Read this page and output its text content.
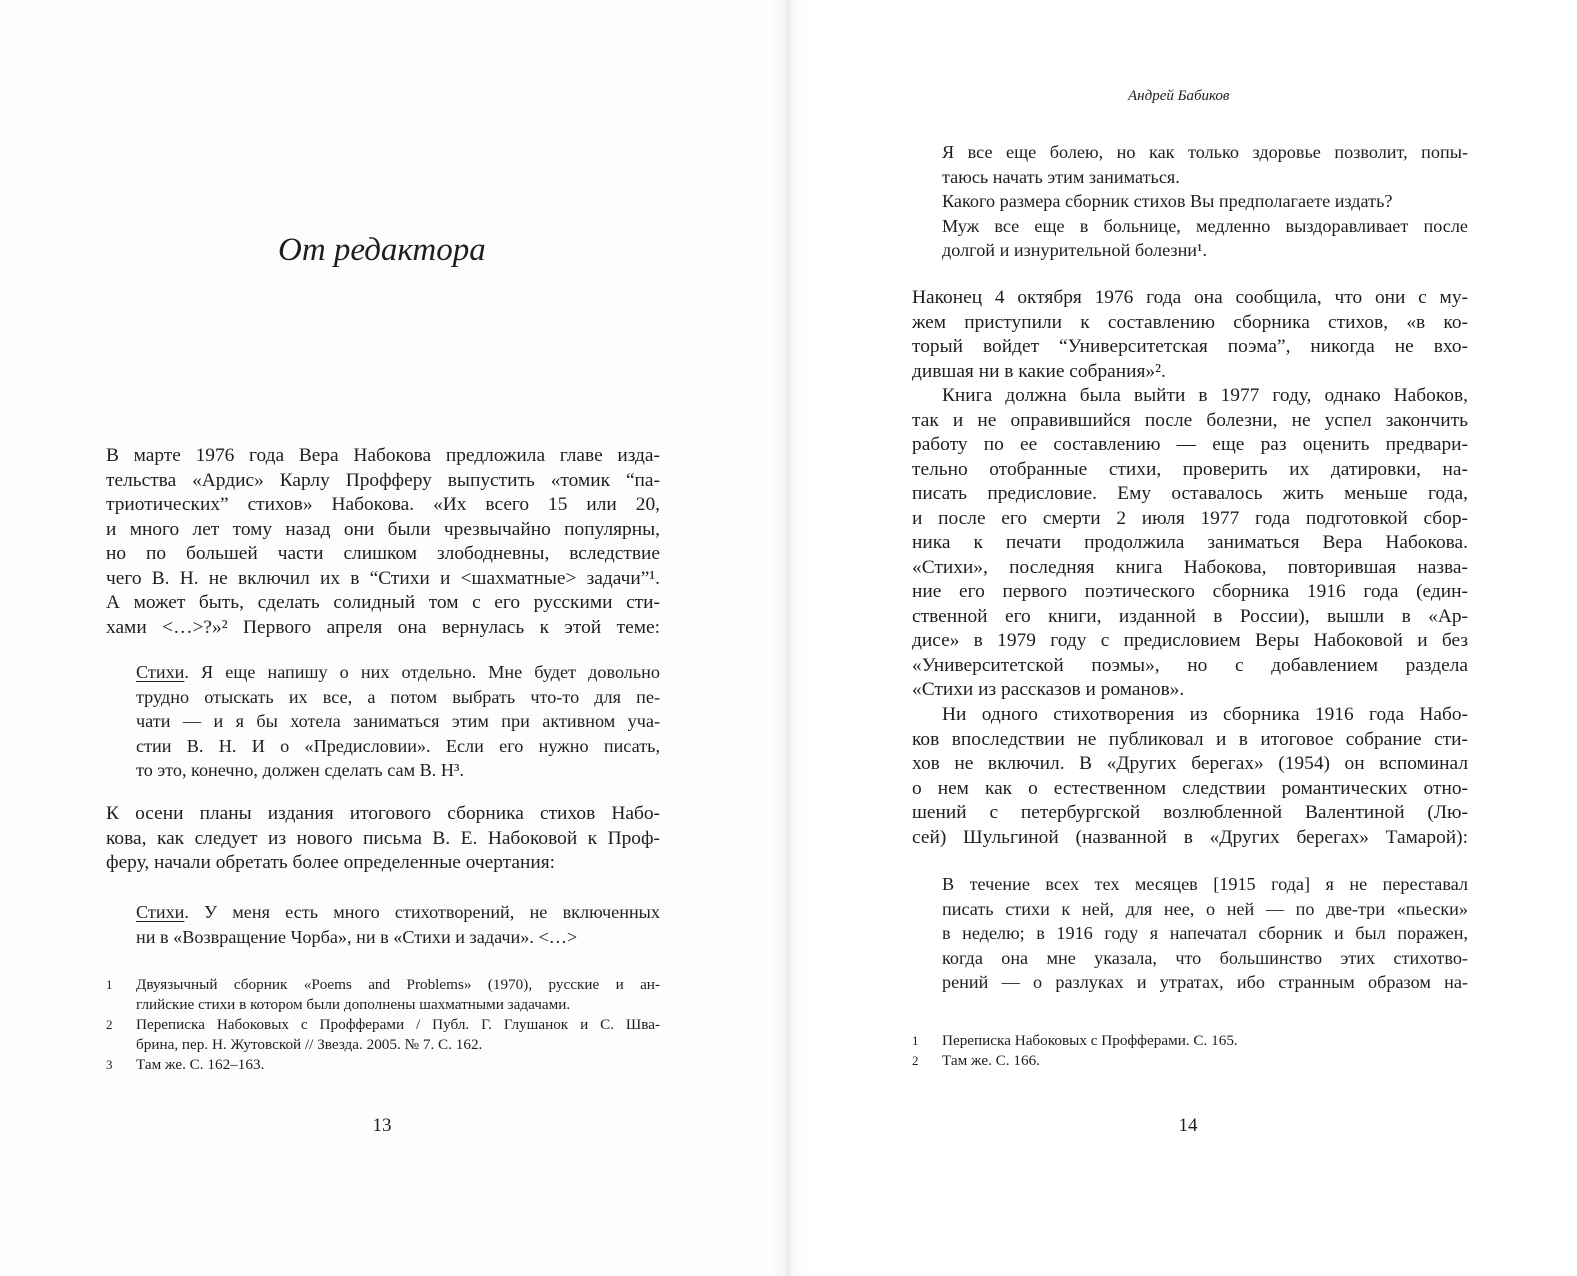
От редактора
В марте 1976 года Вера Набокова предложила главе изда-
тельства «Ардис» Карлу Профферу выпустить «томик “па-
триотических” стихов» Набокова. «Их всего 15 или 20,
и много лет тому назад они были чрезвычайно популярны,
но по большей части слишком злободневны, вследствие
чего В. Н. не включил их в “Стихи и <шахматные> задачи”¹.
А может быть, сделать солидный том с его русскими сти-
хами <…>?»² Первого апреля она вернулась к этой теме:
Стихи. Я еще напишу о них отдельно. Мне будет довольно
трудно отыскать их все, а потом выбрать что-то для пе-
чати — и я бы хотела заниматься этим при активном уча-
стии В. Н. И о «Предисловии». Если его нужно писать,
то это, конечно, должен сделать сам В. Н³.
К осени планы издания итогового сборника стихов Набо-
кова, как следует из нового письма В. Е. Набоковой к Проф-
феру, начали обретать более определенные очертания:
Стихи. У меня есть много стихотворений, не включенных
ни в «Возвращение Чорба», ни в «Стихи и задачи». <…>
1 Двуязычный сборник «Poems and Problems» (1970), русские и ан-
глийские стихи в котором были дополнены шахматными задачами.
2 Переписка Набоковых с Профферами / Публ. Г. Глушанок и С. Шва-
брина, пер. Н. Жутовской // Звезда. 2005. № 7. С. 162.
3 Там же. С. 162–163.

13

Андрей Бабиков

Я все еще болею, но как только здоровье позволит, попы-
таюсь начать этим заниматься.
Какого размера сборник стихов Вы предполагаете издать?
Муж все еще в больнице, медленно выздоравливает после
долгой и изнурительной болезни¹.
Наконец 4 октября 1976 года она сообщила, что они с му-
жем приступили к составлению сборника стихов, «в ко-
торый войдет “Университетская поэма”, никогда не вхо-
дившая ни в какие собрания»².
Книга должна была выйти в 1977 году, однако Набоков,
так и не оправившийся после болезни, не успел закончить
работу по ее составлению — еще раз оценить предвари-
тельно отобранные стихи, проверить их датировки, на-
писать предисловие. Ему оставалось жить меньше года,
и после его смерти 2 июля 1977 года подготовкой сбор-
ника к печати продолжила заниматься Вера Набокова.
«Стихи», последняя книга Набокова, повторившая назва-
ние его первого поэтического сборника 1916 года (един-
ственной его книги, изданной в России), вышли в «Ар-
дисе» в 1979 году с предисловием Веры Набоковой и без
«Университетской поэмы», но с добавлением раздела
«Стихи из рассказов и романов».
Ни одного стихотворения из сборника 1916 года Набо-
ков впоследствии не публиковал и в итоговое собрание сти-
хов не включил. В «Других берегах» (1954) он вспоминал
о нем как о естественном следствии романтических отно-
шений с петербургской возлюбленной Валентиной (Лю-
сей) Шульгиной (названной в «Других берегах» Тамарой):
В течение всех тех месяцев [1915 года] я не переставал
писать стихи к ней, для нее, о ней — по две-три «пьески»
в неделю; в 1916 году я напечатал сборник и был поражен,
когда она мне указала, что большинство этих стихотво-
рений — о разлуках и утратах, ибо странным образом на-
1 Переписка Набоковых с Профферами. С. 165.
2 Там же. С. 166.

14
